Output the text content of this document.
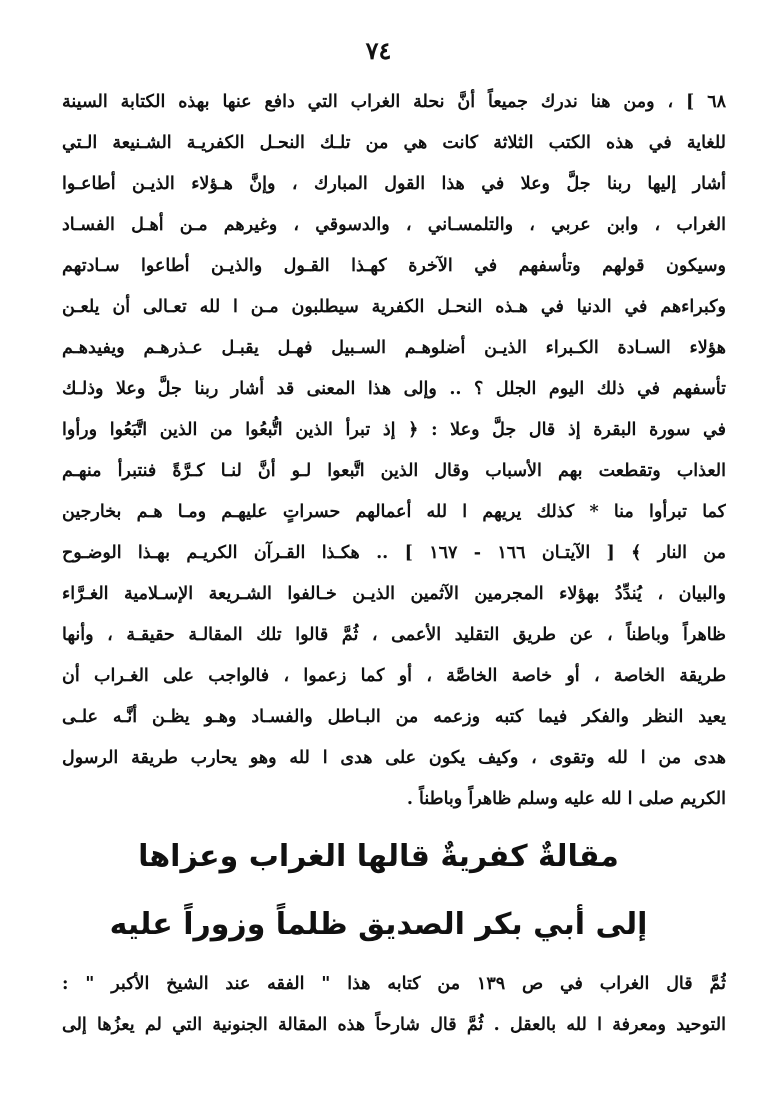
٧٤
٦٨ ] ، ومن هنا ندرك جميعاً أنَّ نحلة الغراب التي دافع عنها بهذه الكتابة السينة
للغاية في هذه الكتب الثلاثة كانت هي من تلـك النحـل الكفريـة الشـنيعة الـتي
أشار إليها ربنا جلَّ وعلا في هذا القول المبارك ، وإنَّ هـؤلاء الذيـن أطاعـوا
الغراب ، وابن عربي ، والتلمسـاني ، والدسوقي ، وغيرهم مـن أهـل الفسـاد
وسيكون قولهم وتأسفهم في الآخرة كهـذا القـول والذيـن أطاعوا سـادتهم
وكبراءهم في الدنيا في هـذه النحـل الكفرية سيطلبون مـن ا لله تعـالى أن يلعـن
هؤلاء السـادة الكـبراء الذيـن أضلوهـم السـبيل فهـل يقبـل عـذرهـم ويفيدهـم
تأسفهم في ذلك اليوم الجلل ؟ .. وإلى هذا المعنى قد أشار ربنا جلَّ وعلا وذلـك
في سورة البقرة إذ قال جلَّ وعلا : ﴿ إذ تبرأ الذين اتُّبعُوا من الذين اتَّبَعُوا ورأوا
العذاب وتقطعت بهم الأسباب وقال الذين اتَّبعوا لـو أنَّ لنـا كـرَّةً فنتبرأ منهـم
كما تبرأوا منا * كذلك يريهم ا لله أعمالهم حسراتٍ عليهـم ومـا هـم بخارجين
من النار ﴾ [ الآيتـان ١٦٦ - ١٦٧ ] .. هكـذا القـرآن الكريـم بهـذا الوضـوح
والبيان ، يُندِّدُ بهؤلاء المجرمين الآثمين الذيـن خـالفوا الشـريعة الإسـلامية الغـرَّاء
ظاهراً وباطناً ، عن طريق التقليد الأعمى ، ثُمَّ قالوا تلك المقالـة حقيقـة ، وأنها
طريقة الخاصة ، أو خاصة الخاصَّة ، أو كما زعموا ، فالواجب على الغـراب أن
يعيد النظر والفكر فيما كتبه وزعمه من البـاطل والفسـاد وهـو يظـن أنَّـه علـى
هدى من ا لله وتقوى ، وكيف يكون على هدى ا لله وهو يحارب طريقة الرسول
الكريم صلى ا لله عليه وسلم ظاهراً وباطناً .
مقالةٌ كفريةٌ قالها الغراب وعزاها
إلى أبي بكر الصديق ظلماً وزوراً عليه
ثُمَّ قال الغراب في ص ١٣٩ من كتابه هذا " الفقه عند الشيخ الأكبر " :
التوحيد ومعرفة ا لله بالعقل . ثُمَّ قال شارحاً هذه المقالة الجنونية التي لم يعزُها إلى
